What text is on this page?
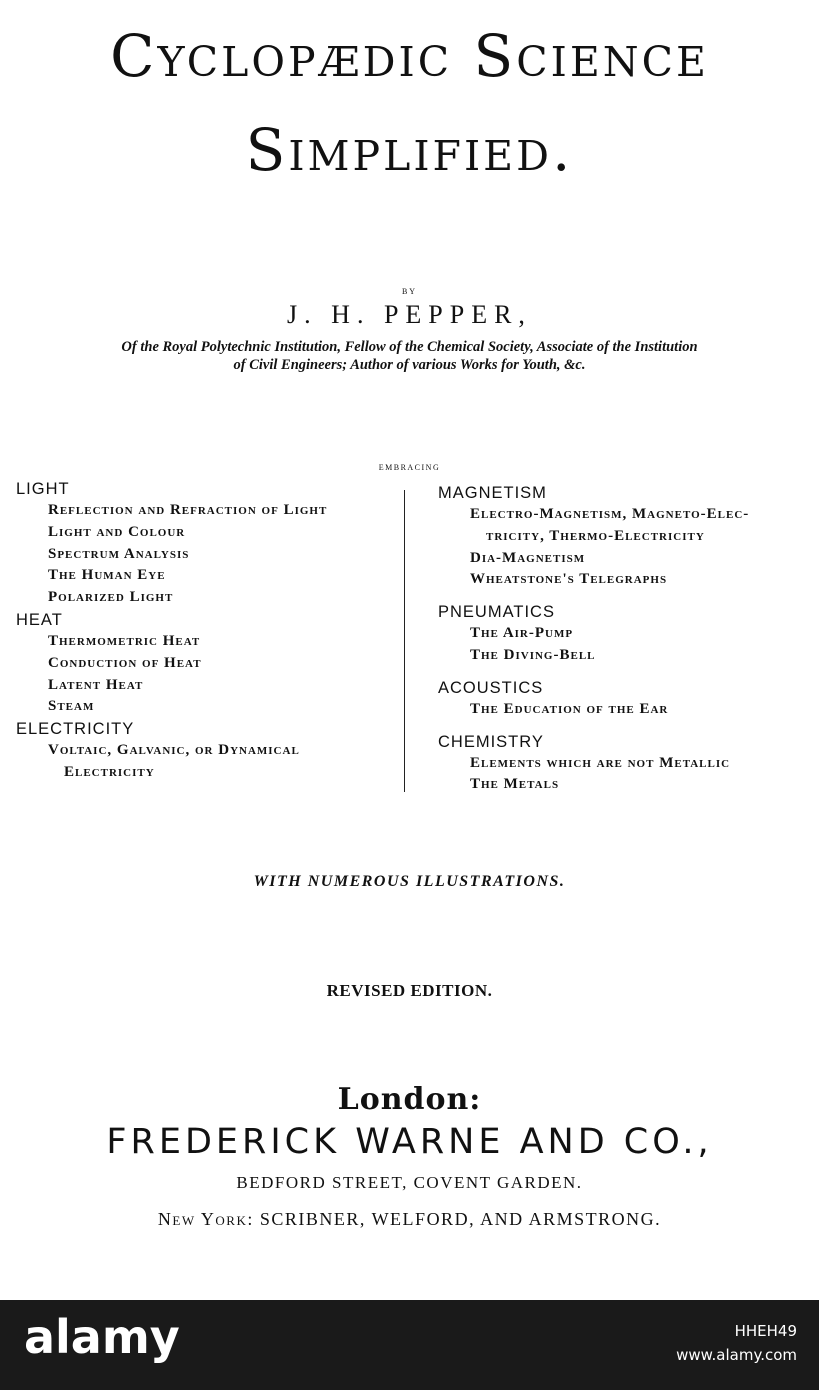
Cyclopædic Science
Simplified.
by
J. H. PEPPER,
Of the Royal Polytechnic Institution, Fellow of the Chemical Society, Associate of the Institution
of Civil Engineers; Author of various Works for Youth, &c.
embracing

LIGHT

Reflection and Refraction of Light
Light and Colour
Spectrum Analysis
The Human Eye
Polarized Light

HEAT

Thermometric Heat
Conduction of Heat
Latent Heat
Steam

ELECTRICITY

Voltaic, Galvanic, or Dynamical
Electricity

MAGNETISM

Electro-Magnetism, Magneto-Elec-
tricity, Thermo-Electricity
Dia-Magnetism
Wheatstone's Telegraphs

PNEUMATICS

The Air-Pump
The Diving-Bell

ACOUSTICS

The Education of the Ear

CHEMISTRY

Elements which are not Metallic
The Metals
WITH NUMEROUS ILLUSTRATIONS.
REVISED EDITION.
London:
FREDERICK WARNE AND CO.,
BEDFORD STREET, COVENT GARDEN.
New York: SCRIBNER, WELFORD, AND ARMSTRONG.
alamy	HHEH49
www.alamy.com
